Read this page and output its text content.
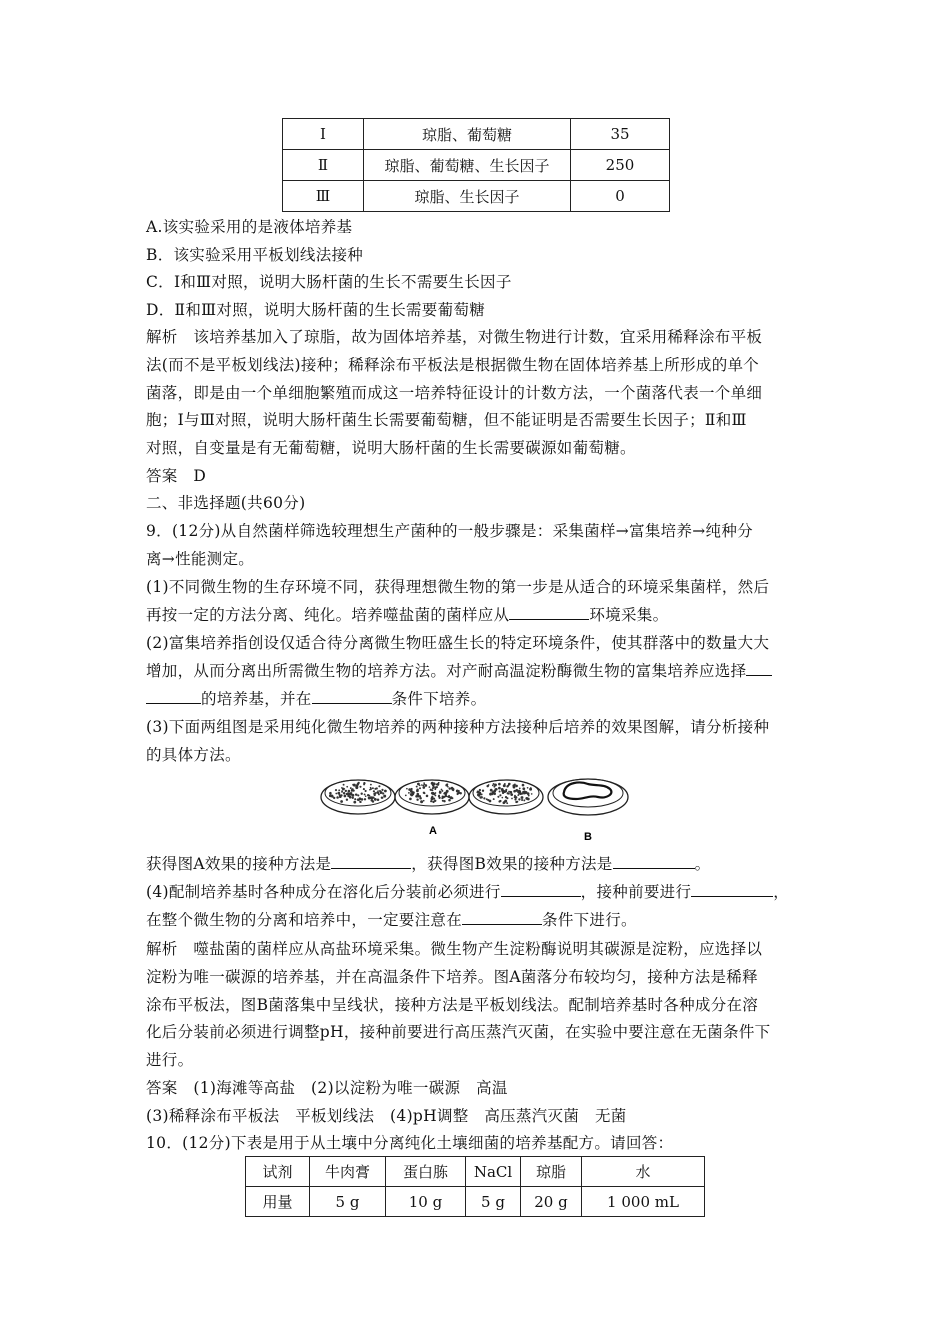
Ⅰ	琼脂、葡萄糖	35
Ⅱ	琼脂、葡萄糖、生长因子	250
Ⅲ	琼脂、生长因子	0
A.该实验采用的是液体培养基
B．该实验采用平板划线法接种
C．Ⅰ和Ⅲ对照，说明大肠杆菌的生长不需要生长因子
D．Ⅱ和Ⅲ对照，说明大肠杆菌的生长需要葡萄糖
解析　该培养基加入了琼脂，故为固体培养基，对微生物进行计数，宜采用稀释涂布平板
法(而不是平板划线法)接种；稀释涂布平板法是根据微生物在固体培养基上所形成的单个
菌落，即是由一个单细胞繁殖而成这一培养特征设计的计数方法，一个菌落代表一个单细
胞；Ⅰ与Ⅲ对照，说明大肠杆菌生长需要葡萄糖，但不能证明是否需要生长因子；Ⅱ和Ⅲ
对照，自变量是有无葡萄糖，说明大肠杆菌的生长需要碳源如葡萄糖。
答案　D
二、非选择题(共60分)
9．(12分)从自然菌样筛选较理想生产菌种的一般步骤是：采集菌样→富集培养→纯种分
离→性能测定。
(1)不同微生物的生存环境不同，获得理想微生物的第一步是从适合的环境采集菌样，然后
再按一定的方法分离、纯化。培养噬盐菌的菌样应从	环境采集。
(2)富集培养指创设仅适合待分离微生物旺盛生长的特定环境条件，使其群落中的数量大大
增加，从而分离出所需微生物的培养方法。对产耐高温淀粉酶微生物的富集培养应选择
的培养基，并在	条件下培养。
(3)下面两组图是采用纯化微生物培养的两种接种方法接种后培养的效果图解，请分析接种
的具体方法。
A	B
获得图A效果的接种方法是	，获得图B效果的接种方法是	。
(4)配制培养基时各种成分在溶化后分装前必须进行	，接种前要进行	，
在整个微生物的分离和培养中，一定要注意在	条件下进行。
解析　噬盐菌的菌样应从高盐环境采集。微生物产生淀粉酶说明其碳源是淀粉，应选择以
淀粉为唯一碳源的培养基，并在高温条件下培养。图A菌落分布较均匀，接种方法是稀释
涂布平板法，图B菌落集中呈线状，接种方法是平板划线法。配制培养基时各种成分在溶
化后分装前必须进行调整pH，接种前要进行高压蒸汽灭菌，在实验中要注意在无菌条件下
进行。
答案　(1)海滩等高盐　(2)以淀粉为唯一碳源　高温
(3)稀释涂布平板法　平板划线法　(4)pH调整　高压蒸汽灭菌　无菌
10．(12分)下表是用于从土壤中分离纯化土壤细菌的培养基配方。请回答：
试剂	牛肉膏	蛋白胨	NaCl	琼脂	水
用量	5 g	10 g	5 g	20 g	1 000 mL
